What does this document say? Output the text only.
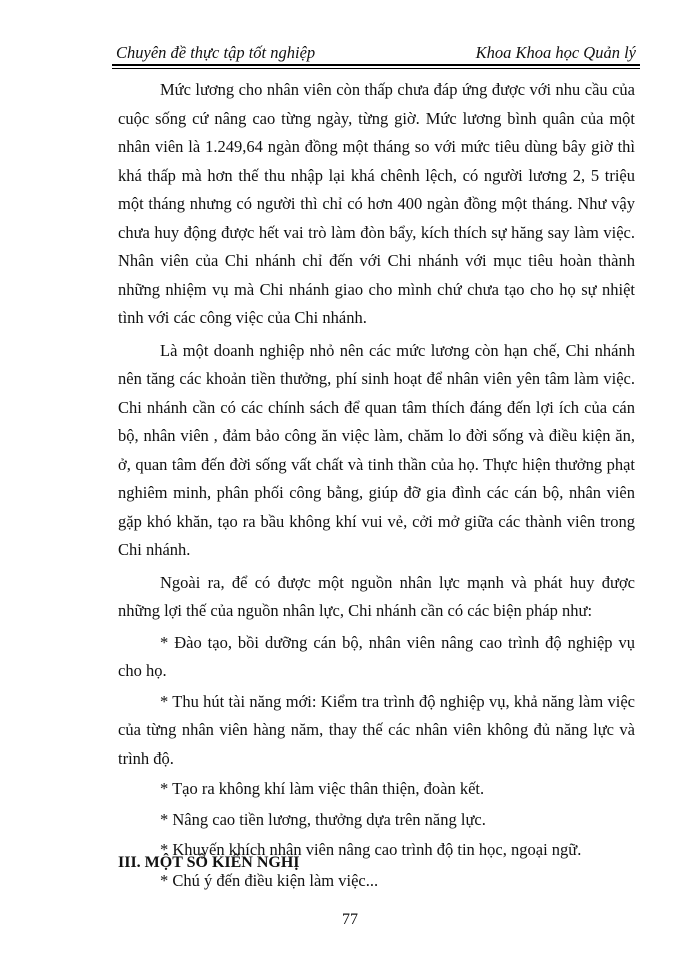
Chuyên đề thực tập tốt nghiệp	Khoa Khoa học Quản lý

Mức lương cho nhân viên còn thấp chưa đáp ứng được với nhu cầu của cuộc sống cứ nâng cao từng ngày, từng giờ. Mức lương bình quân của một nhân viên là 1.249,64 ngàn đồng một tháng so với mức tiêu dùng bây giờ thì khá thấp mà hơn thế thu nhập lại khá chênh lệch, có người lương 2, 5 triệu một tháng nhưng có người thì chỉ có hơn 400 ngàn đồng một tháng. Như vậy chưa huy động được hết vai trò làm đòn bẩy, kích thích sự hăng say làm việc. Nhân viên của Chi nhánh chỉ đến với Chi nhánh với mục tiêu hoàn thành những nhiệm vụ mà Chi nhánh giao cho mình chứ chưa tạo cho họ sự nhiệt tình với các công việc của Chi nhánh.

Là một doanh nghiệp nhỏ nên các mức lương còn hạn chế, Chi nhánh nên tăng các khoản tiền thưởng, phí sinh hoạt để nhân viên yên tâm làm việc. Chi nhánh cần có các chính sách để quan tâm thích đáng đến lợi ích của cán bộ, nhân viên , đảm bảo công ăn việc làm, chăm lo đời sống và điều kiện ăn, ở, quan tâm đến đời sống vất chất và tinh thần của họ. Thực hiện thưởng phạt nghiêm minh, phân phối công bằng, giúp đỡ gia đình các cán bộ, nhân viên gặp khó khăn, tạo ra bầu không khí vui vẻ, cởi mở giữa các thành viên trong Chi nhánh.

Ngoài ra, để có được một nguồn nhân lực mạnh và phát huy được những lợi thế của nguồn nhân lực, Chi nhánh cần có các biện pháp như:

* Đào tạo, bồi dưỡng cán bộ, nhân viên nâng cao trình độ nghiệp vụ cho họ.

* Thu hút tài năng mới: Kiểm tra trình độ nghiệp vụ, khả năng làm việc của từng nhân viên hàng năm, thay thế các nhân viên không đủ năng lực và trình độ.

* Tạo ra không khí làm việc thân thiện, đoàn kết.

* Nâng cao tiền lương, thưởng dựa trên năng lực.

* Khuyến khích nhân viên nâng cao trình độ tin học, ngoại ngữ.

* Chú ý đến điều kiện làm việc...

III. MỘT SỐ KIẾN NGHỊ
77
